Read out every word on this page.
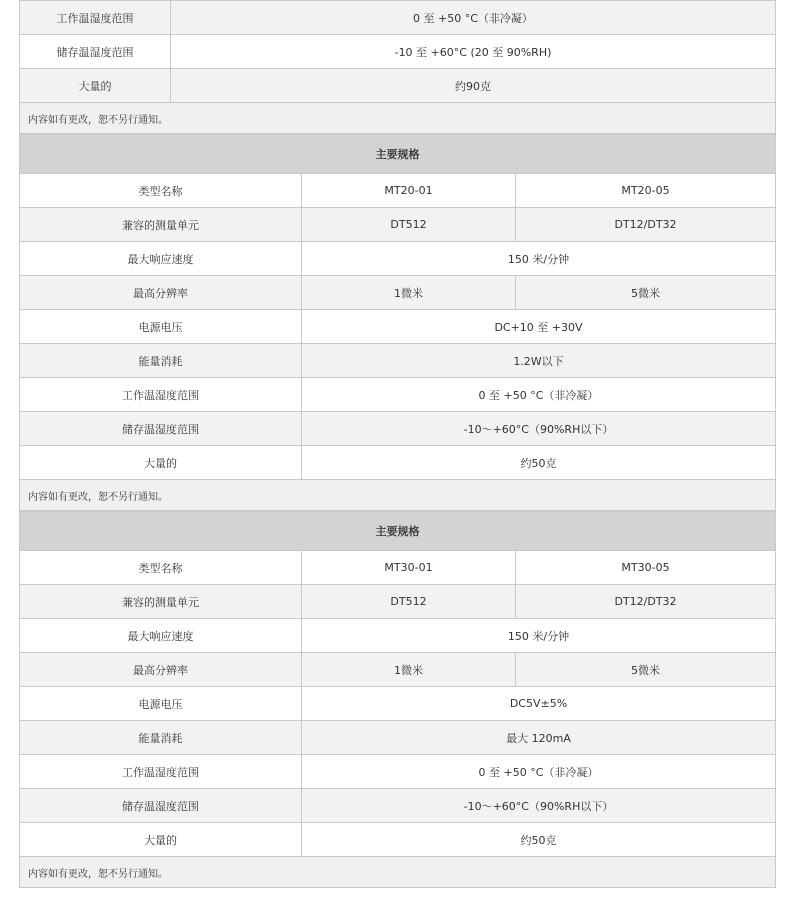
工作温湿度范围	0 至 +50 °C（非冷凝）
储存温湿度范围	-10 至 +60°C (20 至 90%RH)
大量的	约90克
内容如有更改，恕不另行通知。	
主要规格		
类型名称	MT20-01	MT20-05
兼容的测量单元	DT512	DT12/DT32
最大响应速度	150 米/分钟	
最高分辨率	1微米	5微米
电源电压	DC+10 至 +30V	
能量消耗	1.2W以下	
工作温湿度范围	0 至 +50 °C（非冷凝）	
储存温湿度范围	-10～+60°C（90%RH以下）	
大量的	约50克	
内容如有更改，恕不另行通知。		
主要规格		
类型名称	MT30-01	MT30-05
兼容的测量单元	DT512	DT12/DT32
最大响应速度	150 米/分钟	
最高分辨率	1微米	5微米
电源电压	DC5V±5%	
能量消耗	最大 120mA	
工作温湿度范围	0 至 +50 °C（非冷凝）	
储存温湿度范围	-10～+60°C（90%RH以下）	
大量的	约50克	
内容如有更改，恕不另行通知。		
